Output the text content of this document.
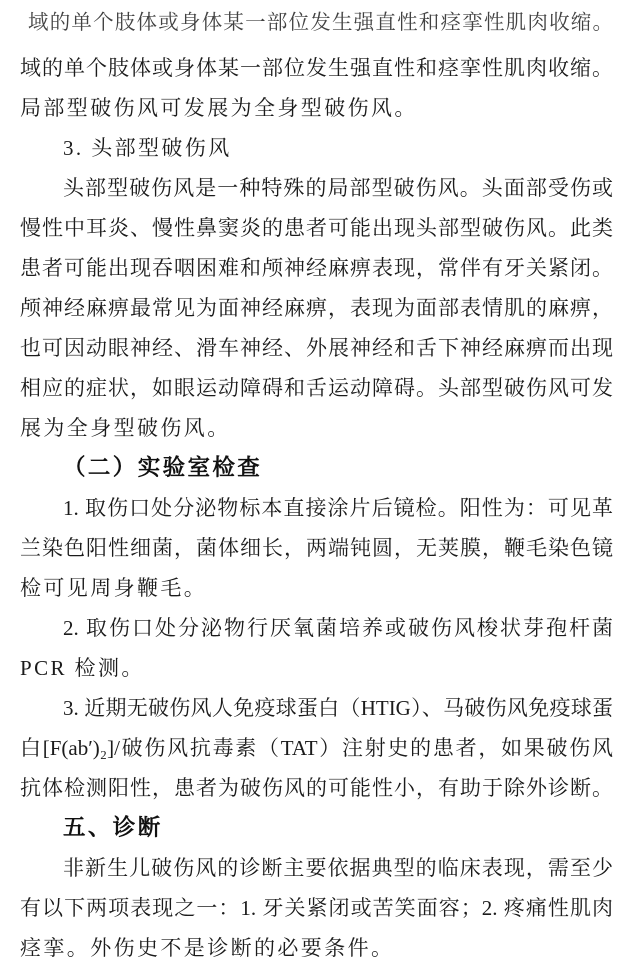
域的单个肢体或身体某一部位发生强直性和痉挛性肌肉收缩。
域的单个肢体或身体某一部位发生强直性和痉挛性肌肉收缩。
局部型破伤风可发展为全身型破伤风。
3. 头部型破伤风
头部型破伤风是一种特殊的局部型破伤风。头面部受伤或
慢性中耳炎、慢性鼻窦炎的患者可能出现头部型破伤风。此类
患者可能出现吞咽困难和颅神经麻痹表现，常伴有牙关紧闭。
颅神经麻痹最常见为面神经麻痹，表现为面部表情肌的麻痹，
也可因动眼神经、滑车神经、外展神经和舌下神经麻痹而出现
相应的症状，如眼运动障碍和舌运动障碍。头部型破伤风可发
展为全身型破伤风。
（二）实验室检查
1. 取伤口处分泌物标本直接涂片后镜检。阳性为：可见革
兰染色阳性细菌，菌体细长，两端钝圆，无荚膜，鞭毛染色镜
检可见周身鞭毛。
2. 取伤口处分泌物行厌氧菌培养或破伤风梭状芽孢杆菌
PCR 检测。
3. 近期无破伤风人免疫球蛋白（HTIG）、马破伤风免疫球蛋
白[F(ab′)₂]/破伤风抗毒素（TAT）注射史的患者，如果破伤风
抗体检测阳性，患者为破伤风的可能性小，有助于除外诊断。
五、诊断
非新生儿破伤风的诊断主要依据典型的临床表现，需至少
有以下两项表现之一：1. 牙关紧闭或苦笑面容；2. 疼痛性肌肉
痉挛。外伤史不是诊断的必要条件。
